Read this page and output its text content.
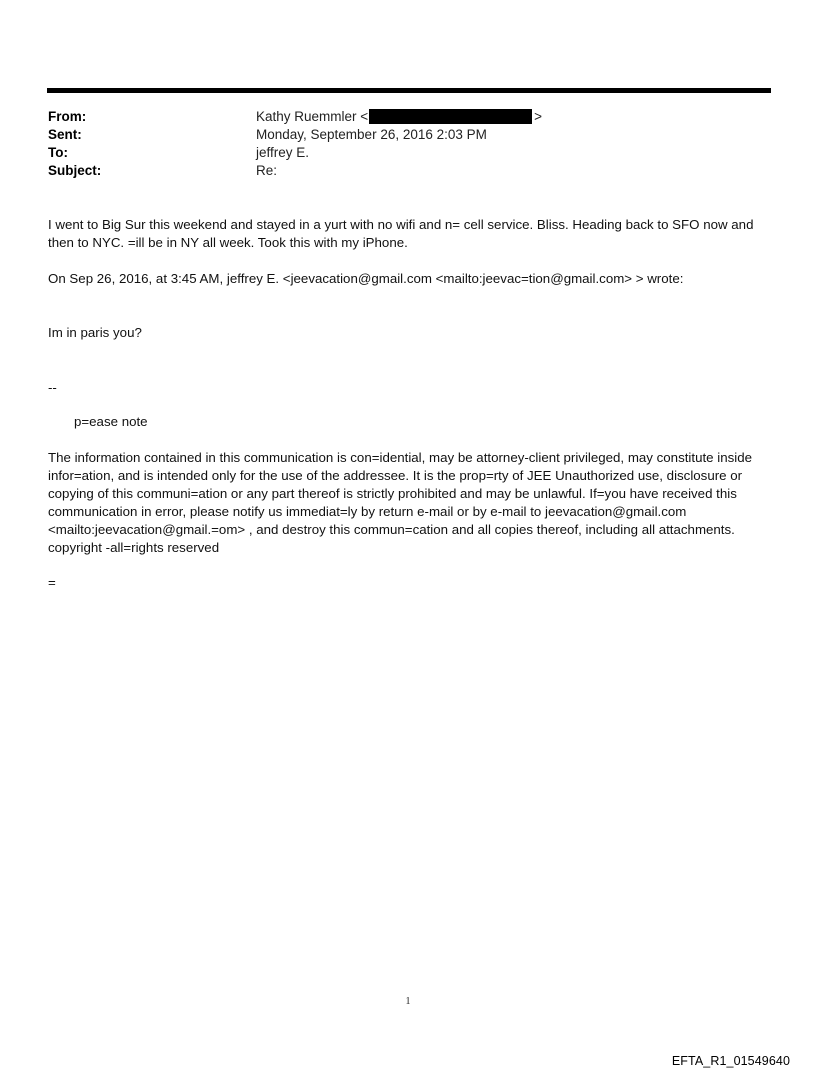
From:	Kathy Ruemmler <	>
Sent:	Monday, September 26, 2016 2:03 PM
To:	jeffrey E.
Subject:	Re:
I went to Big Sur this weekend and stayed in a yurt with no wifi and n= cell service. Bliss. Heading back to SFO now and then to NYC. =ill be in NY all week. Took this with my iPhone.
On Sep 26, 2016, at 3:45 AM, jeffrey E. <jeevacation@gmail.com <mailto:jeevac=tion@gmail.com> > wrote:
Im in paris you?
--
p=ease note
The information contained in this communication is con=idential, may be attorney-client privileged, may constitute inside infor=ation, and is intended only for the use of the addressee. It is the prop=rty of JEE Unauthorized use, disclosure or copying of this communi=ation or any part thereof is strictly prohibited and may be unlawful. If=you have received this communication in error, please notify us immediat=ly by return e-mail or by e-mail to jeevacation@gmail.com <mailto:jeevacation@gmail.=om> , and destroy this commun=cation and all copies thereof, including all attachments. copyright -all=rights reserved
=
1
EFTA_R1_01549640
